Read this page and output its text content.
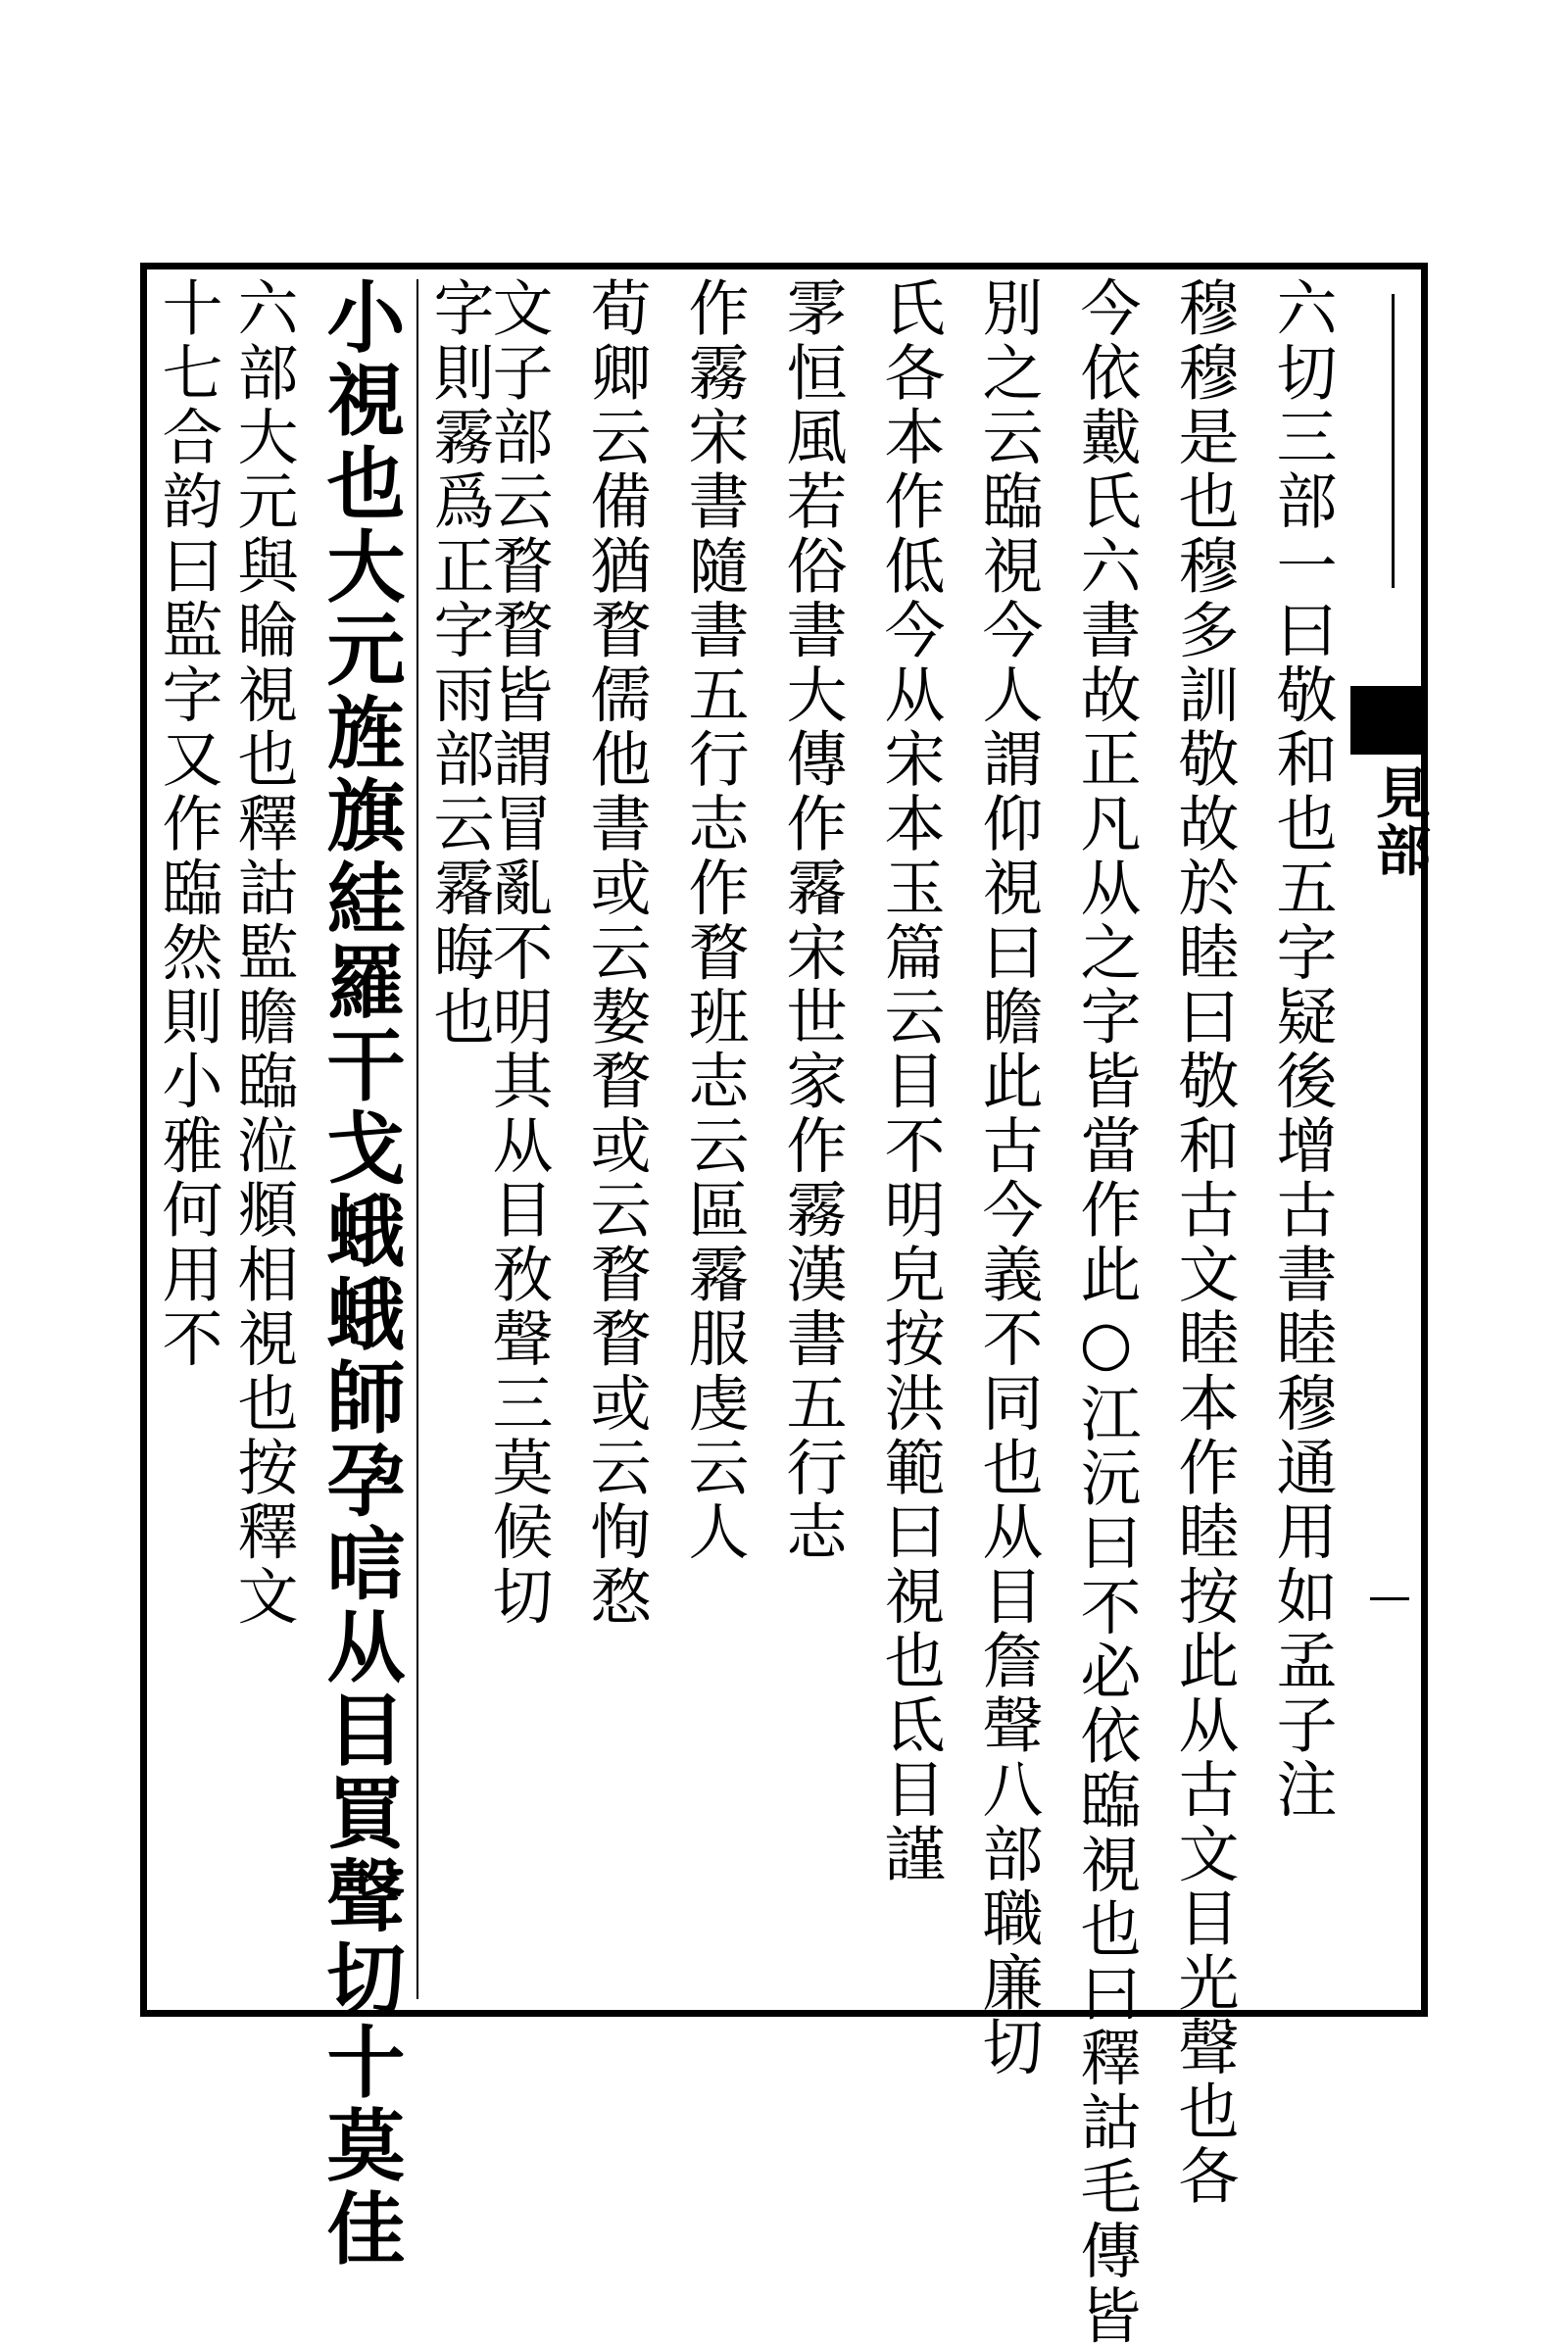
見部
六切三部一曰敬和也五字疑後增古書睦穆通用如孟子注
穆穆是也穆多訓敬故於睦曰敬和古文睦本作睦按此从古文目光聲也各
今依戴氏六書故正凡从之字皆當作此○江沅曰不必依臨視也曰釋詁毛傳皆
別之云臨視今人謂仰視曰瞻此古今義不同也从目詹聲八部職廉切
氏各本作低今从宋本玉篇云目不明皃按洪範曰視也氐目謹
雺恒風若俗書大傳作霿宋世家作霧漢書五行志
作霧宋書隨書五行志作瞀班志云區霿服虔云人
荀卿云備猶瞀儒他書或云嫯瞀或云瞀瞀或云恂愗
文子部云瞀瞀皆謂冒亂不明其从目敄聲三莫候切
字則霧爲正字雨部云霿晦也
小視也大元旌旗絓羅干戈蛾蛾師孕唁从目買聲切十莫佳
六部大元與睔視也釋詁監瞻臨涖頫相視也按釋文
十七合韵曰監字又作臨然則小雅何用不
